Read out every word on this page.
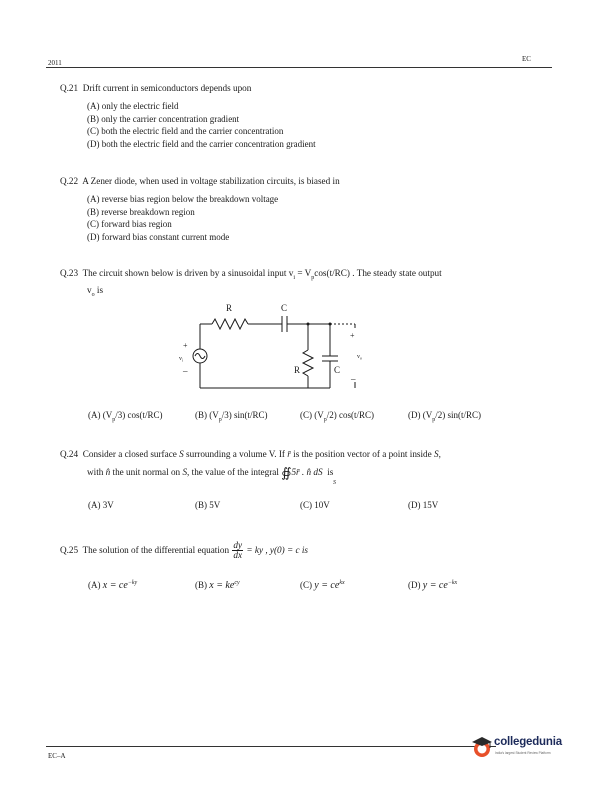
2011	EC
Q.21 Drift current in semiconductors depends upon
(A) only the electric field
(B) only the carrier concentration gradient
(C) both the electric field and the carrier concentration
(D) both the electric field and the carrier concentration gradient
Q.22 A Zener diode, when used in voltage stabilization circuits, is biased in
(A) reverse bias region below the breakdown voltage
(B) reverse breakdown region
(C) forward bias region
(D) forward bias constant current mode
Q.23 The circuit shown below is driven by a sinusoidal input $v_i = V_p\cos(t/RC)$ . The steady state output
$v_o$ is
R	C
R	C
+
–
+
–
$v_i$	$v_o$
(A) $(V_p/3)$ cos(t/RC)	(B) $(V_p/3)$ sin(t/RC)	(C) $(V_p/2)$ cos(t/RC)	(D) $(V_p/2)$ sin(t/RC)
Q.24 Consider a closed surface S surrounding a volume V. If r̄ is the position vector of a point inside S,
with n̂ the unit normal on S, the value of the integral ∯5r̄ . n̂ dS  is
S
(A) 3V	(B) 5V	(C) 10V	(D) 15V
Q.25 The solution of the differential equation $\frac{dy}{dx}$ = ky , y(0) = c is
(A) $x = ce^{-ky}$	(B) $x = ke^{cy}$	(C) $y = ce^{kx}$	(D) $y = ce^{-kx}$
EC–A
collegedunia
India's largest Student Review Platform
